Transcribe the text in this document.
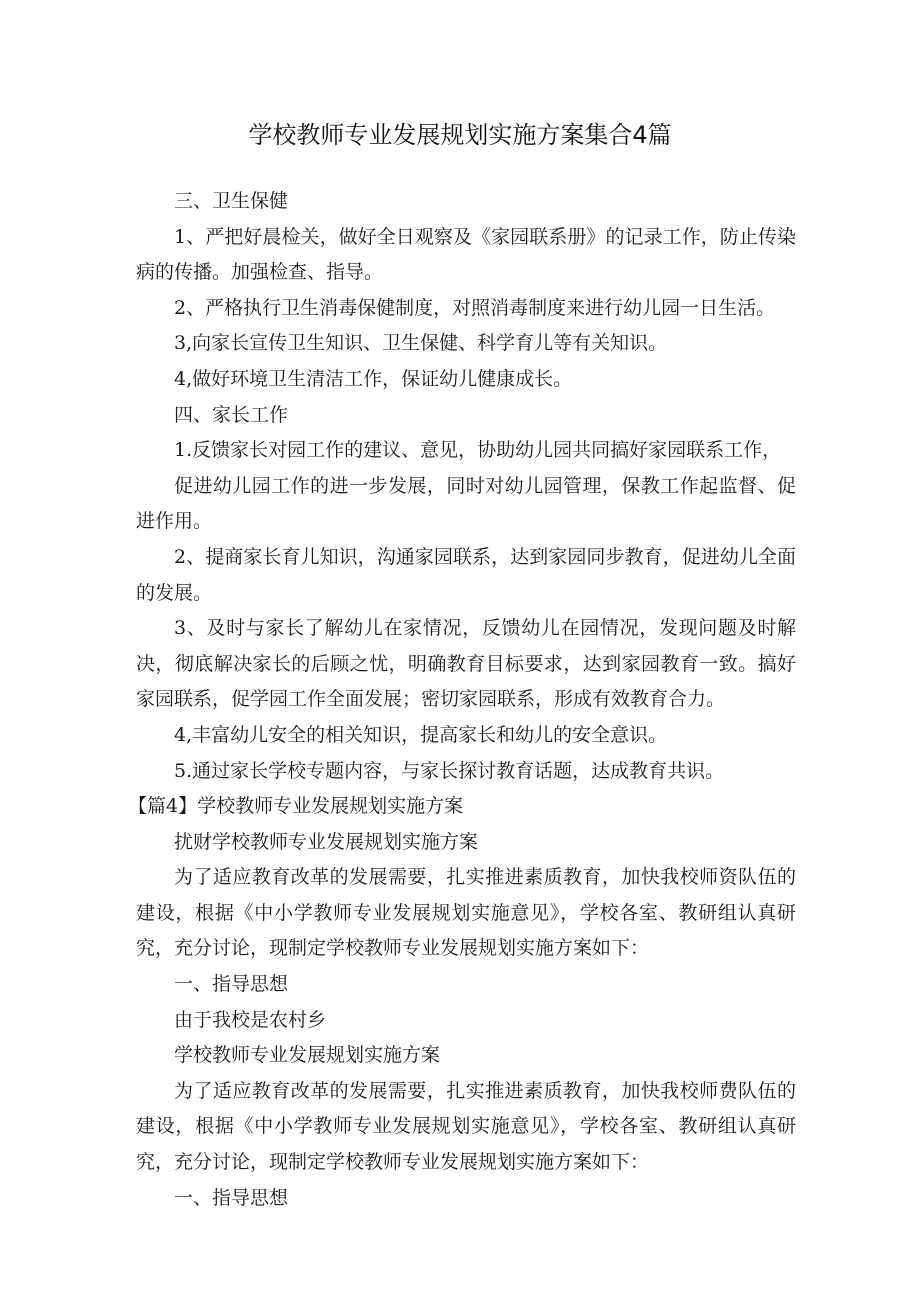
学校教师专业发展规划实施方案集合4篇

三、卫生保健

1、严把好晨检关，做好全日观察及《家园联系册》的记录工作，防止传染病的传播。加强检查、指导。

2、严格执行卫生消毒保健制度，对照消毒制度来进行幼儿园一日生活。

3,向家长宣传卫生知识、卫生保健、科学育儿等有关知识。

4,做好环境卫生清洁工作，保证幼儿健康成长。

四、家长工作

1.反馈家长对园工作的建议、意见，协助幼儿园共同搞好家园联系工作，

促进幼儿园工作的进一步发展，同时对幼儿园管理，保教工作起监督、促进作用。

2、提商家长育儿知识，沟通家园联系，达到家园同步教育，促进幼儿全面的发展。

3、及时与家长了解幼儿在家情况，反馈幼儿在园情况，发现问题及时解决，彻底解决家长的后顾之忧，明确教育目标要求，达到家园教育一致。搞好家园联系，促学园工作全面发展；密切家园联系，形成有效教育合力。

4,丰富幼儿安全的相关知识，提高家长和幼儿的安全意识。

5.通过家长学校专题内容，与家长探讨教育话题，达成教育共识。

【篇4】学校教师专业发展规划实施方案

扰财学校教师专业发展规划实施方案

为了适应教育改革的发展需要，扎实推进素质教育，加快我校师资队伍的建设，根据《中小学教师专业发展规划实施意见》，学校各室、教研组认真研究，充分讨论，现制定学校教师专业发展规划实施方案如下：

一、指导思想

由于我校是农村乡

学校教师专业发展规划实施方案

为了适应教育改革的发展需要，扎实推进素质教育，加快我校师费队伍的建设，根据《中小学教师专业发展规划实施意见》，学校各室、教研组认真研究，充分讨论，现制定学校教师专业发展规划实施方案如下：

一、指导思想
